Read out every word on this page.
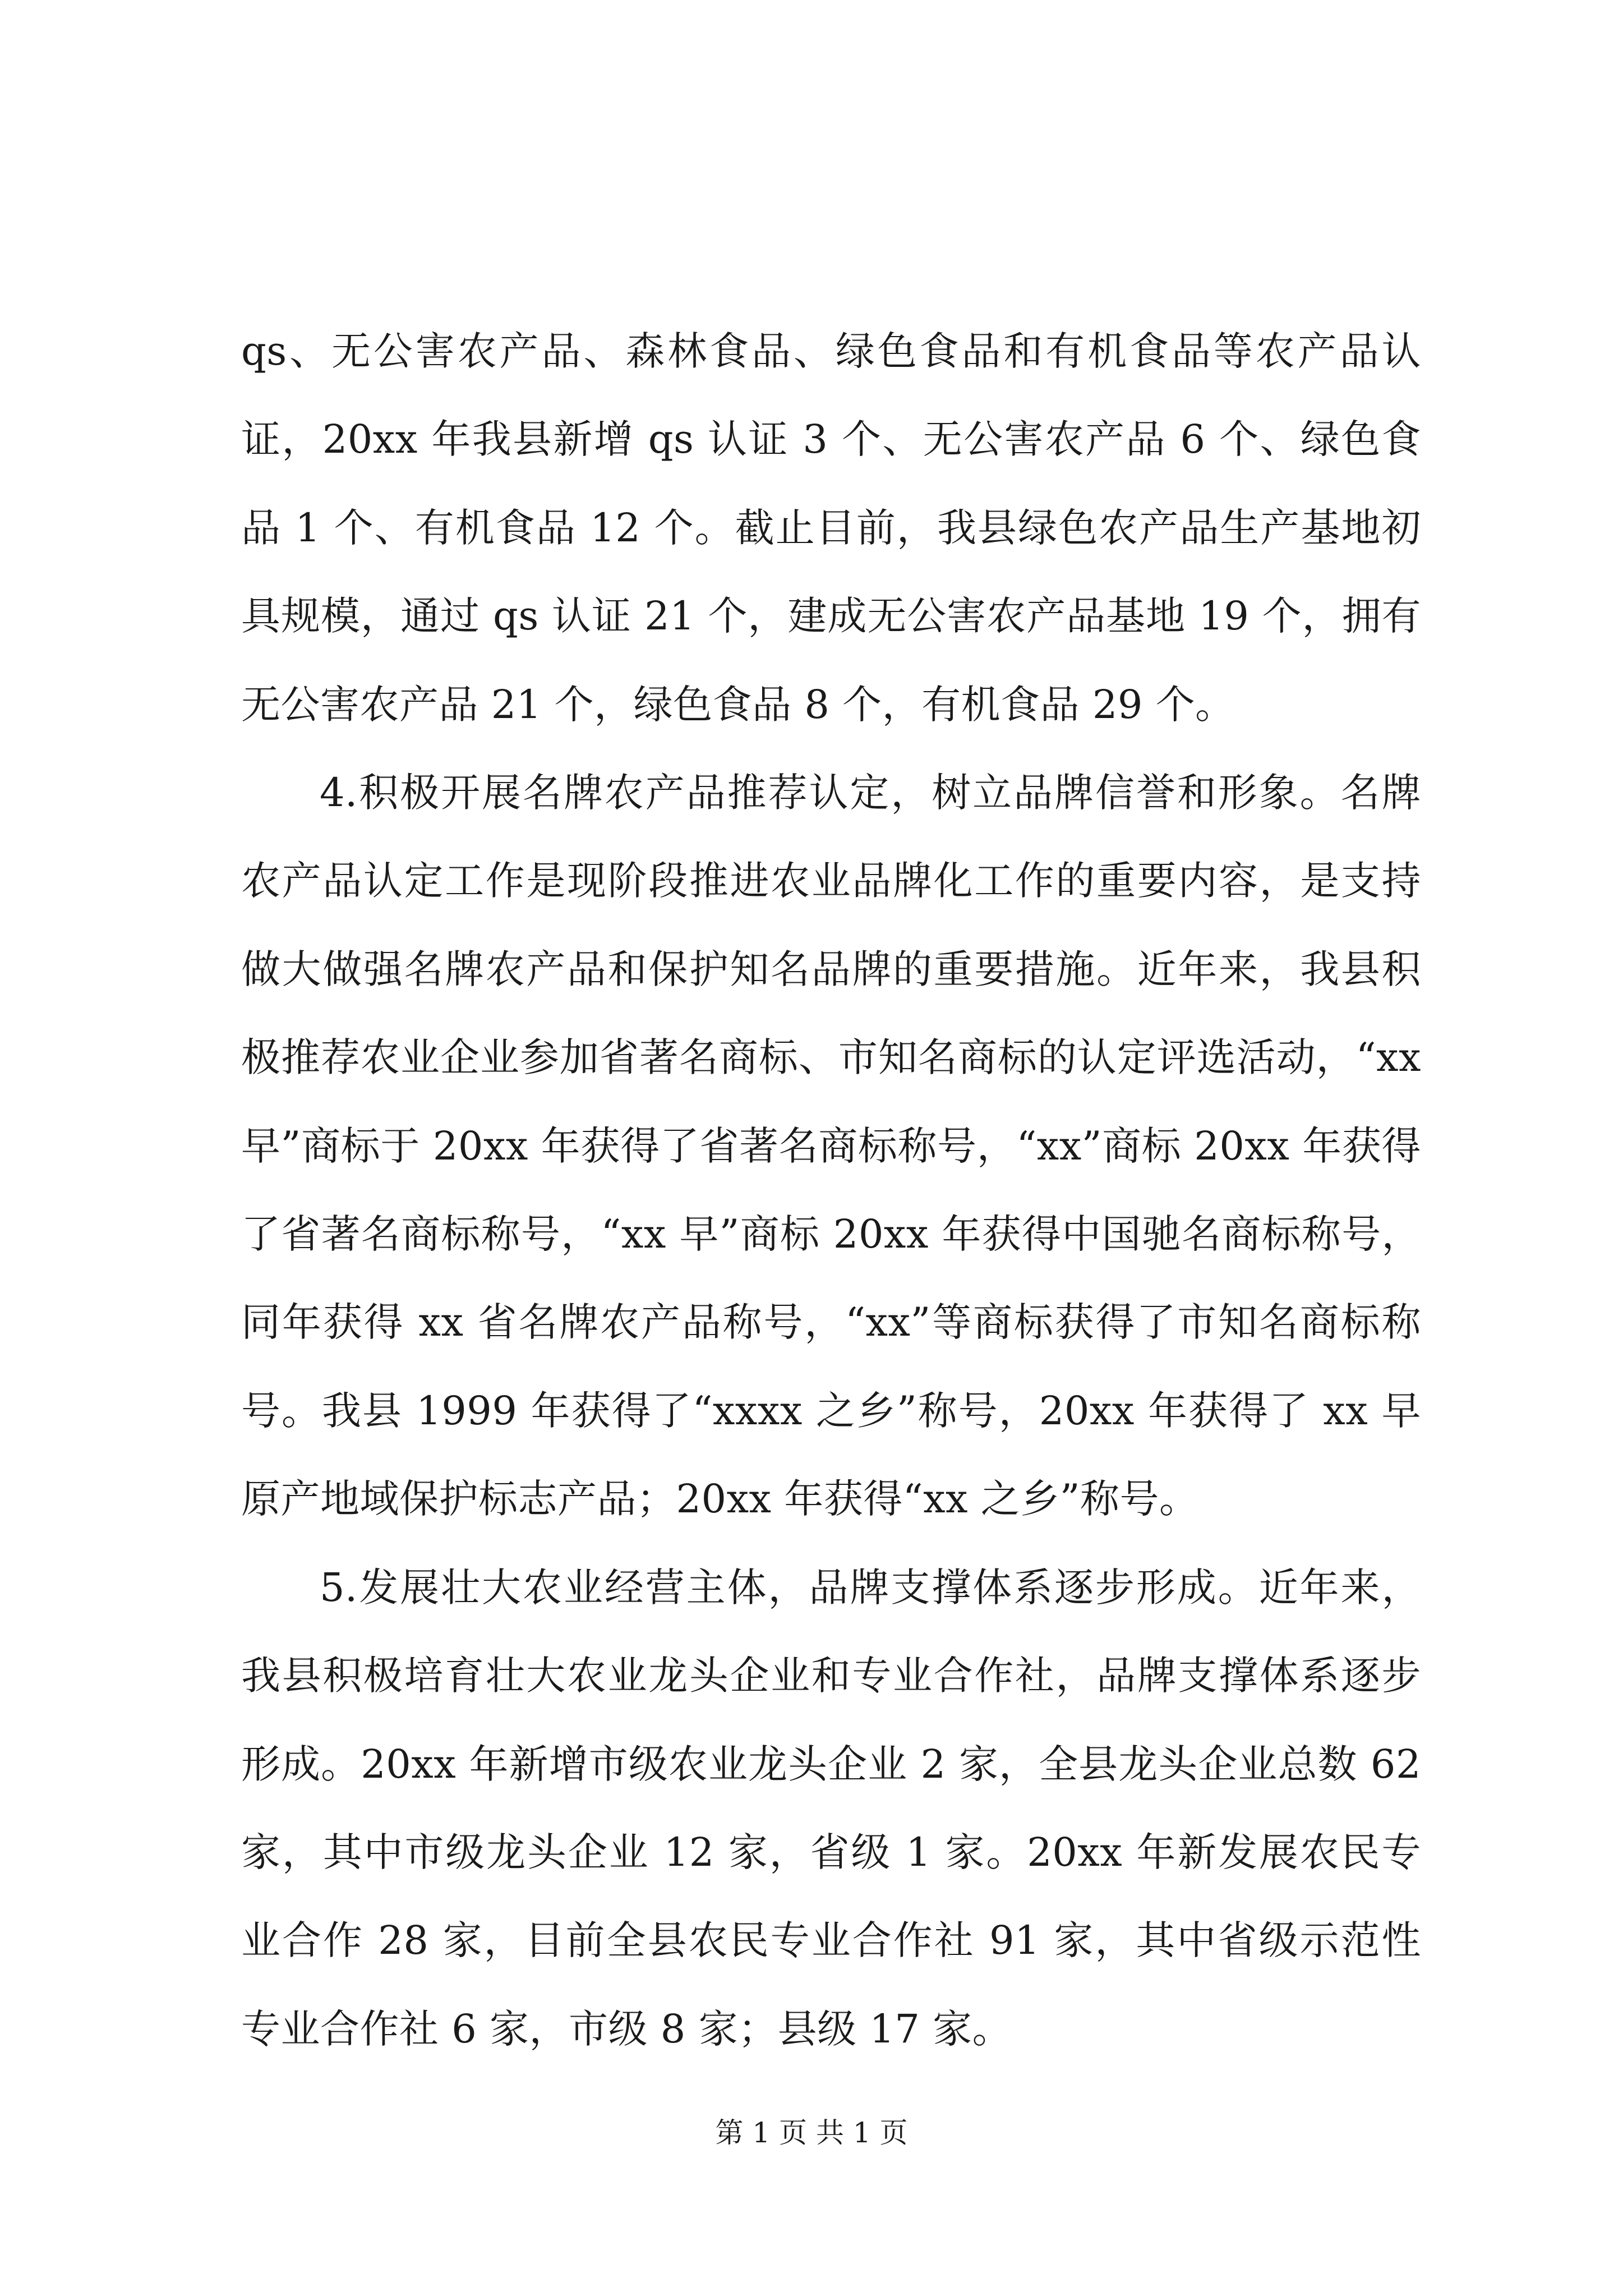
qs、无公害农产品、森林食品、绿色食品和有机食品等农产品认证，20xx 年我县新增 qs 认证 3 个、无公害农产品 6 个、绿色食品 1 个、有机食品 12 个。截止目前，我县绿色农产品生产基地初具规模，通过 qs 认证 21 个，建成无公害农产品基地 19 个，拥有无公害农产品 21 个，绿色食品 8 个，有机食品 29 个。

4.积极开展名牌农产品推荐认定，树立品牌信誉和形象。名牌农产品认定工作是现阶段推进农业品牌化工作的重要内容，是支持做大做强名牌农产品和保护知名品牌的重要措施。近年来，我县积极推荐农业企业参加省著名商标、市知名商标的认定评选活动，“xx 早”商标于 20xx 年获得了省著名商标称号，“xx”商标 20xx 年获得了省著名商标称号，“xx 早”商标 20xx 年获得中国驰名商标称号，同年获得 xx 省名牌农产品称号，“xx”等商标获得了市知名商标称号。我县 1999 年获得了“xxxx 之乡”称号，20xx 年获得了 xx 早原产地域保护标志产品；20xx 年获得“xx 之乡”称号。

5.发展壮大农业经营主体，品牌支撑体系逐步形成。近年来，我县积极培育壮大农业龙头企业和专业合作社，品牌支撑体系逐步形成。20xx 年新增市级农业龙头企业 2 家，全县龙头企业总数 62 家，其中市级龙头企业 12 家，省级 1 家。20xx 年新发展农民专业合作 28 家，目前全县农民专业合作社 91 家，其中省级示范性专业合作社 6 家，市级 8 家；县级 17 家。

第 1 页 共 1 页
